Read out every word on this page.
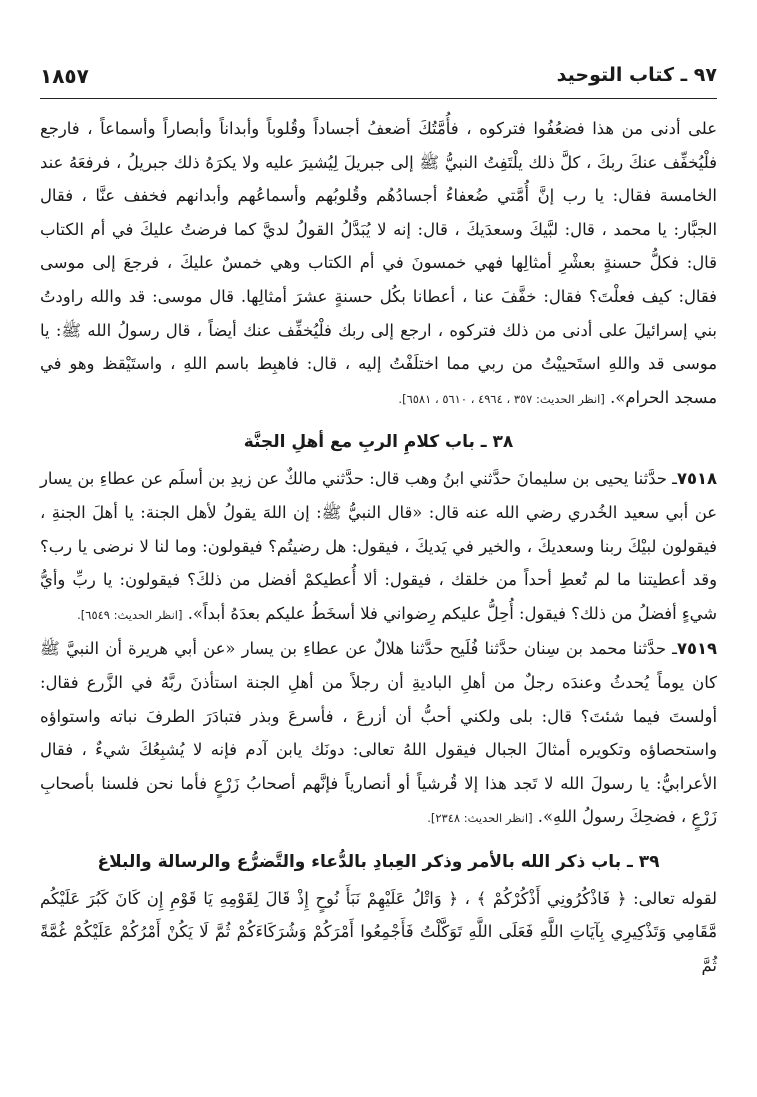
٩٧ ـ كتاب التوحيد
١٨٥٧

على أدنى من هذا فضعُفُوا فتركوه ، فأُمَّتُكَ أضعفُ أجساداً وقُلوباً وأبداناً وأبصاراً وأسماعاً ، فارجع فلْيُخفِّف عنكَ ربكَ ، كلَّ ذلك يلْتَفِتُ النبيُّ ﷺ إلى جبريلَ لِيُشيرَ عليه ولا يكرَهُ ذلك جبريلُ ، فرفعَهُ عند الخامسة فقال: يا رب إنَّ أُمَّتي ضُعفاءُ أجسادُهُم وقُلوبُهم وأسماعُهم وأبدانهم فخفف عنَّا ، فقال الجبَّار: يا محمد ، قال: لبَّيكَ وسعدَيكَ ، قال: إنه لا يُبَدَّلُ القولُ لديَّ كما فرضتُ عليكَ في أم الكتاب قال: فكلُّ حسنةٍ بعشْرِ أمثالِها فهي خمسونَ في أم الكتاب وهي خمسٌ عليكَ ، فرجعَ إلى موسى فقال: كيف فعلْتَ؟ فقال: خفَّفَ عنا ، أعطانا بكُل حسنةٍ عشرَ أمثالِها. قال موسى: قد والله راودتُ بني إسرائيلَ على أدنى من ذلك فتركوه ، ارجع إلى ربك فلْيُخفِّف عنك أيضاً ، قال رسولُ الله ﷺ: يا موسى قد واللهِ استَحييْتُ من ربي مما اختلَفْتُ إليه ، قال: فاهبِط باسم اللهِ ، واستَيْقظ وهو في مسجد الحرام». [انظر الحديث: ٣٥٧ ، ٤٩٦٤ ، ٥٦١٠ ، ٦٥٨١].

٣٨ ـ باب كلامِ الربِ مع أهلِ الجنَّة

٧٥١٨ـ حدَّثنا يحيى بن سليمانَ حدَّثني ابنُ وهب قال: حدَّثني مالكٌ عن زيدِ بن أسلَم عن عطاءِ بن يسار عن أبي سعيد الخُدري رضي الله عنه قال: «قال النبيُّ ﷺ: إن اللهَ يقولُ لأهل الجنة: يا أهلَ الجنةِ ، فيقولون لبيْكَ ربنا وسعديكَ ، والخير في يَديكَ ، فيقول: هل رضيتُم؟ فيقولون: وما لنا لا نرضى يا رب؟ وقد أعطيتنا ما لم تُعطِ أحداً من خلقك ، فيقول: ألا أُعطيكمْ أفضل من ذلكَ؟ فيقولون: يا ربِّ وأيُّ شيءٍ أفضلُ من ذلك؟ فيقول: أُحِلُّ عليكم رِضواني فلا أسخَطُ عليكم بعدَهُ أبداً». [انظر الحديث: ٦٥٤٩].

٧٥١٩ـ حدَّثنا محمد بن سِنان حدَّثنا فُلَيح حدَّثنا هلالٌ عن عطاءِ بن يسار «عن أبي هريرة أن النبيَّ ﷺ كان يوماً يُحدثُ وعندَه رجلٌ من أهلِ الباديةِ أن رجلاً من أهلِ الجنة استأذنَ ربَّهُ في الزَّرع فقال: أولستَ فيما شئتَ؟ قال: بلى ولكني أحبُّ أن أزرعَ ، فأسرعَ وبذر فتبادَرَ الطرفَ نباته واستواؤه واستحصاؤه وتكويره أمثالَ الجبال فيقول اللهُ تعالى: دونَك يابن آدم فإنه لا يُشبِعُكَ شيءٌ ، فقال الأعرابيُّ: يا رسولَ الله لا تَجد هذا إلا قُرشياً أو أنصارياً فإنَّهم أصحابُ زَرْعٍ فأما نحن فلسنا بأصحابِ زَرْعٍ ، فضحِكَ رسولُ اللهِ». [انظر الحديث: ٢٣٤٨].

٣٩ ـ باب ذكر الله بالأمر وذكر العِبادِ بالدُّعاء والتَّضرُّع والرسالة والبلاغ

لقوله تعالى: ﴿ فَاذْكُرُونِي أَذْكُرْكُمْ ﴾ ، ﴿ وَاتْلُ عَلَيْهِمْ نَبَأَ نُوحٍ إِذْ قَالَ لِقَوْمِهِ يَا قَوْمِ إِن كَانَ كَبُرَ عَلَيْكُم مَّقَامِي وَتَذْكِيرِي بِآيَاتِ اللَّهِ فَعَلَى اللَّهِ تَوَكَّلْتُ فَأَجْمِعُوا أَمْرَكُمْ وَشُرَكَاءَكُمْ ثُمَّ لَا يَكُنْ أَمْرُكُمْ عَلَيْكُمْ غُمَّةً ثُمَّ
